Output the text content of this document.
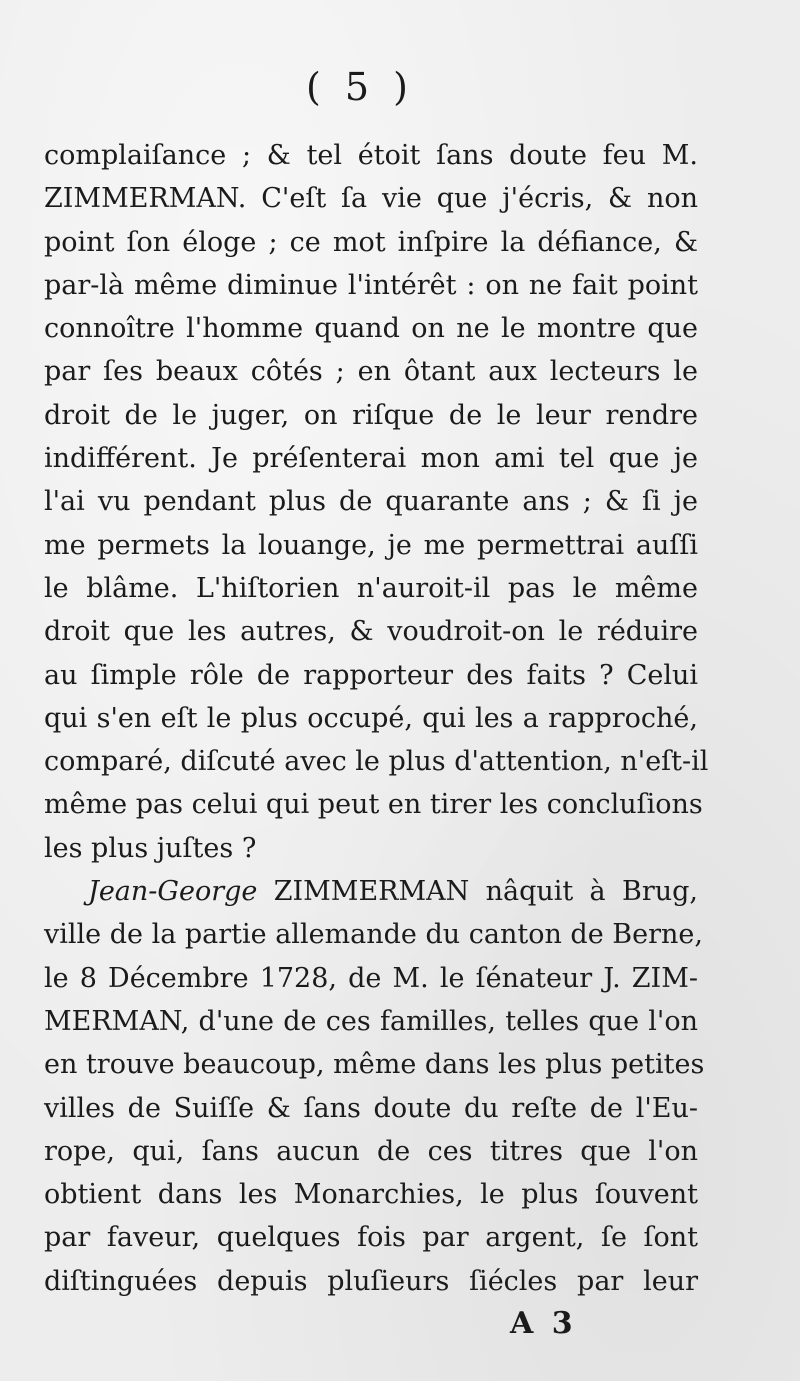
( 5 )
complaiſance ; & tel étoit ſans doute feu M.
ZIMMERMAN. C'eſt ſa vie que j'écris, & non
point ſon éloge ; ce mot inſpire la défiance, &
par-là même diminue l'intérêt : on ne fait point
connoître l'homme quand on ne le montre que
par ſes beaux côtés ; en ôtant aux lecteurs le
droit de le juger, on riſque de le leur rendre
indifférent. Je préſenterai mon ami tel que je
l'ai vu pendant plus de quarante ans ; & ſi je
me permets la louange, je me permettrai auſſi
le blâme. L'hiſtorien n'auroit-il pas le même
droit que les autres, & voudroit-on le réduire
au ſimple rôle de rapporteur des faits ? Celui
qui s'en eſt le plus occupé, qui les a rapproché,
comparé, diſcuté avec le plus d'attention, n'eſt-il
même pas celui qui peut en tirer les concluſions
les plus juſtes ?
Jean-George ZIMMERMAN nâquit à Brug,
ville de la partie allemande du canton de Berne,
le 8 Décembre 1728, de M. le ſénateur J. ZIM-
MERMAN, d'une de ces familles, telles que l'on
en trouve beaucoup, même dans les plus petites
villes de Suiſſe & ſans doute du reſte de l'Eu-
rope, qui, ſans aucun de ces titres que l'on
obtient dans les Monarchies, le plus ſouvent
par faveur, quelques fois par argent, ſe ſont
diſtinguées depuis pluſieurs ſiécles par leur
A 3
